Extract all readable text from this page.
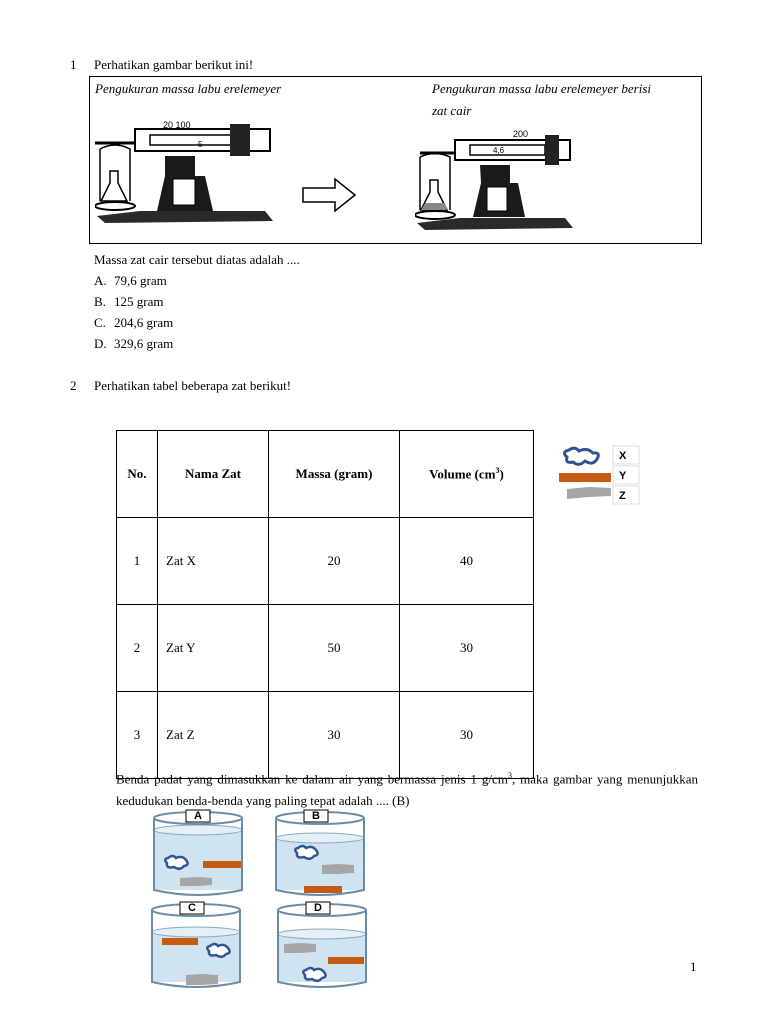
1 Perhatikan gambar berikut ini!
Pengukuran massa labu erelemeyer	Pengukuran massa labu erelemeyer berisi
zat cair
20 100
5
200
4,6
Massa zat cair tersebut diatas adalah ....
A. 79,6 gram
B. 125 gram
C. 204,6 gram
D. 329,6 gram
2 Perhatikan tabel beberapa zat berikut!
No.	Nama Zat	Massa (gram)	Volume $(cm^3)$
1	Zat X	20	40
2	Zat Y	50	30
3	Zat Z	30	30
X
Y
Z
Benda padat yang dimasukkan ke dalam air yang bermassa jenis 1 $g/cm^3$, maka gambar yang menunjukkan kedudukan benda-benda yang paling tepat adalah .... (B)
A	B
C	D
1
